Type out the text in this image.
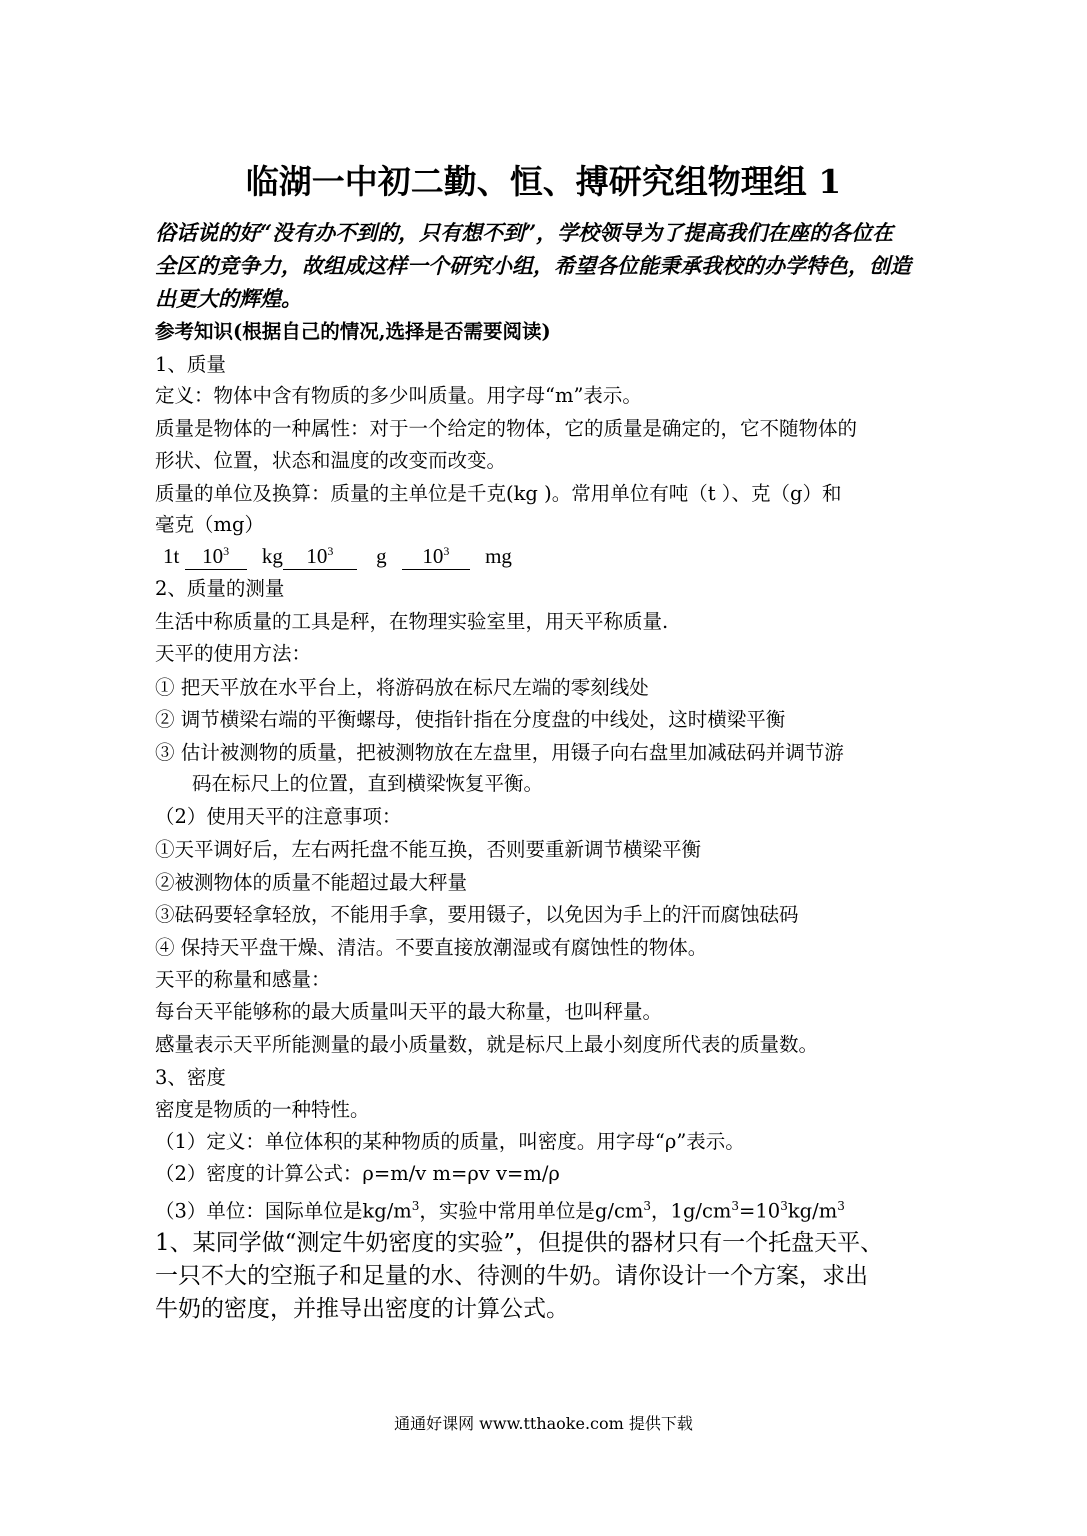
临湖一中初二勤、恒、搏研究组物理组 1
俗话说的好“没有办不到的，只有想不到”，学校领导为了提高我们在座的各位在
全区的竞争力，故组成这样一个研究小组，希望各位能秉承我校的办学特色，创造
出更大的辉煌。
参考知识(根据自己的情况,选择是否需要阅读)
1、质量
定义：物体中含有物质的多少叫质量。用字母“m”表示。
质量是物体的一种属性：对于一个给定的物体，它的质量是确定的，它不随物体的
形状、位置，状态和温度的改变而改变。
质量的单位及换算：质量的主单位是千克(kg )。常用单位有吨（t ）、克（g）和
毫克（mg）
1t $10^3$ kg $10^3$ g $10^3$ mg
2、质量的测量
生活中称质量的工具是秤，在物理实验室里，用天平称质量.
天平的使用方法：
① 把天平放在水平台上，将游码放在标尺左端的零刻线处
② 调节横梁右端的平衡螺母，使指针指在分度盘的中线处，这时横梁平衡
③ 估计被测物的质量，把被测物放在左盘里，用镊子向右盘里加减砝码并调节游
码在标尺上的位置，直到横梁恢复平衡。
（2）使用天平的注意事项：
①天平调好后，左右两托盘不能互换，否则要重新调节横梁平衡
②被测物体的质量不能超过最大秤量
③砝码要轻拿轻放，不能用手拿，要用镊子，以免因为手上的汗而腐蚀砝码
④ 保持天平盘干燥、清洁。不要直接放潮湿或有腐蚀性的物体。
天平的称量和感量：
每台天平能够称的最大质量叫天平的最大称量，也叫秤量。
感量表示天平所能测量的最小质量数，就是标尺上最小刻度所代表的质量数。
3、密度
密度是物质的一种特性。
（1）定义：单位体积的某种物质的质量，叫密度。用字母“ρ”表示。
（2）密度的计算公式：ρ=m/v m=ρv v=m/ρ
（3）单位：国际单位是$kg/m^3$，实验中常用单位是$g/cm^3$，$1g/cm^3=10^3kg/m^3$
1、某同学做“测定牛奶密度的实验”，但提供的器材只有一个托盘天平、
一只不大的空瓶子和足量的水、待测的牛奶。请你设计一个方案，求出
牛奶的密度，并推导出密度的计算公式。
通通好课网 www.tthaoke.com 提供下载
